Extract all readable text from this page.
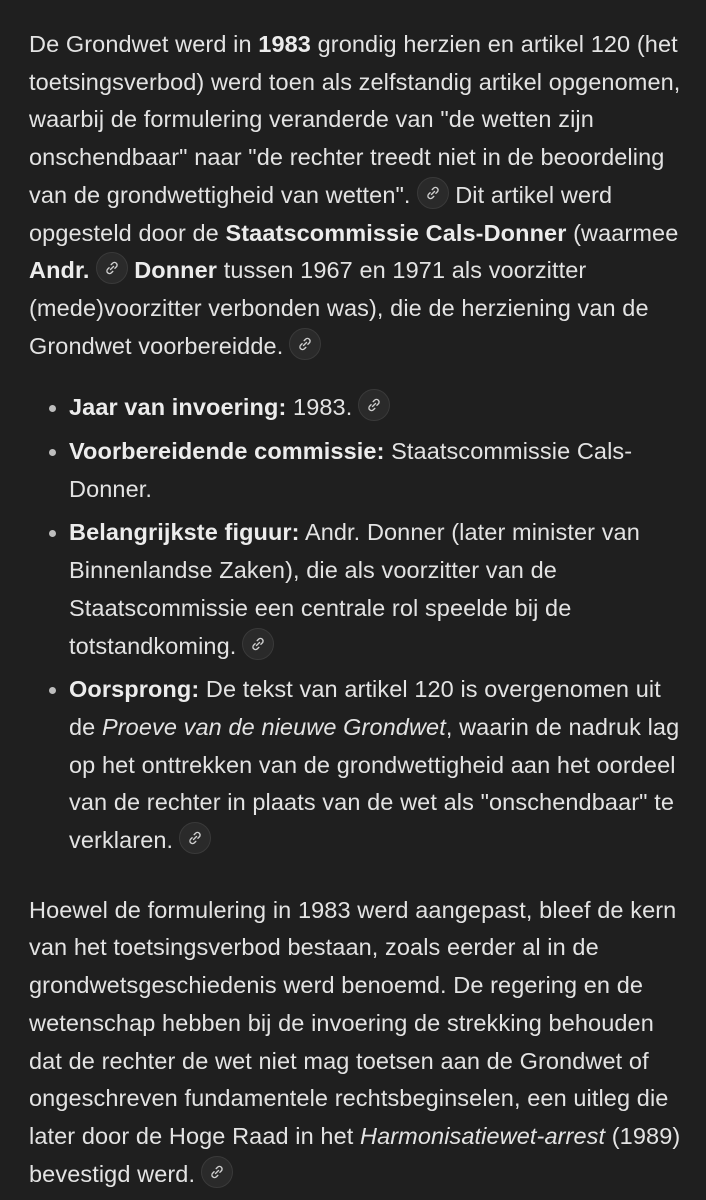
De Grondwet werd in 1983 grondig herzien en artikel 120 (het toetsingsverbod) werd toen als zelfstandig artikel opgenomen, waarbij de formulering veranderde van "de wetten zijn onschendbaar" naar "de rechter treedt niet in de beoordeling van de grondwettigheid van wetten". Dit artikel werd opgesteld door de Staatscommissie Cals-Donner (waarmee Andr. Donner tussen 1967 en 1971 als voorzitter (mede)voorzitter verbonden was), die de herziening van de Grondwet voorbereidde.

Jaar van invoering: 1983.
Voorbereidende commissie: Staatscommissie Cals-Donner.
Belangrijkste figuur: Andr. Donner (later minister van Binnenlandse Zaken), die als voorzitter van de Staatscommissie een centrale rol speelde bij de totstandkoming.
Oorsprong: De tekst van artikel 120 is overgenomen uit de Proeve van de nieuwe Grondwet, waarin de nadruk lag op het onttrekken van de grondwettigheid aan het oordeel van de rechter in plaats van de wet als "onschendbaar" te verklaren.

Hoewel de formulering in 1983 werd aangepast, bleef de kern van het toetsingsverbod bestaan, zoals eerder al in de grondwetsgeschiedenis werd benoemd. De regering en de wetenschap hebben bij de invoering de strekking behouden dat de rechter de wet niet mag toetsen aan de Grondwet of ongeschreven fundamentele rechtsbeginselen, een uitleg die later door de Hoge Raad in het Harmonisatiewet-arrest (1989) bevestigd werd.
